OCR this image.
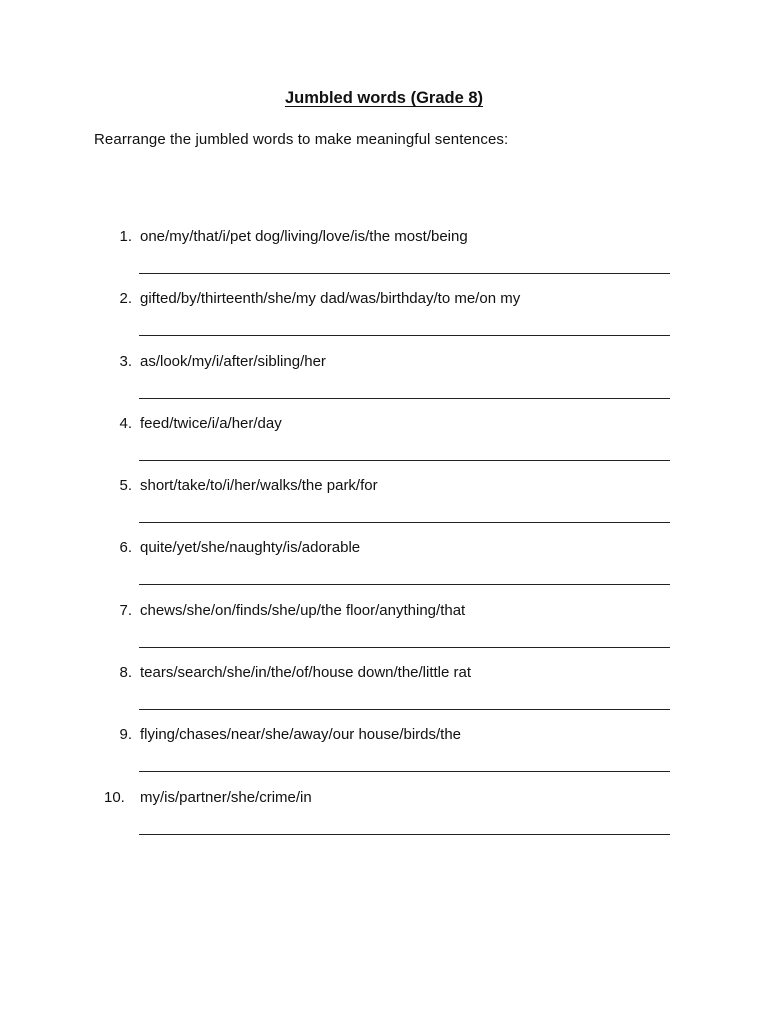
Jumbled words (Grade 8)
Rearrange the jumbled words to make meaningful sentences:
1. one/my/that/i/pet dog/living/love/is/the most/being
2. gifted/by/thirteenth/she/my dad/was/birthday/to me/on my
3. as/look/my/i/after/sibling/her
4. feed/twice/i/a/her/day
5. short/take/to/i/her/walks/the park/for
6. quite/yet/she/naughty/is/adorable
7. chews/she/on/finds/she/up/the floor/anything/that
8. tears/search/she/in/the/of/house down/the/little rat
9. flying/chases/near/she/away/our house/birds/the
10.	my/is/partner/she/crime/in
